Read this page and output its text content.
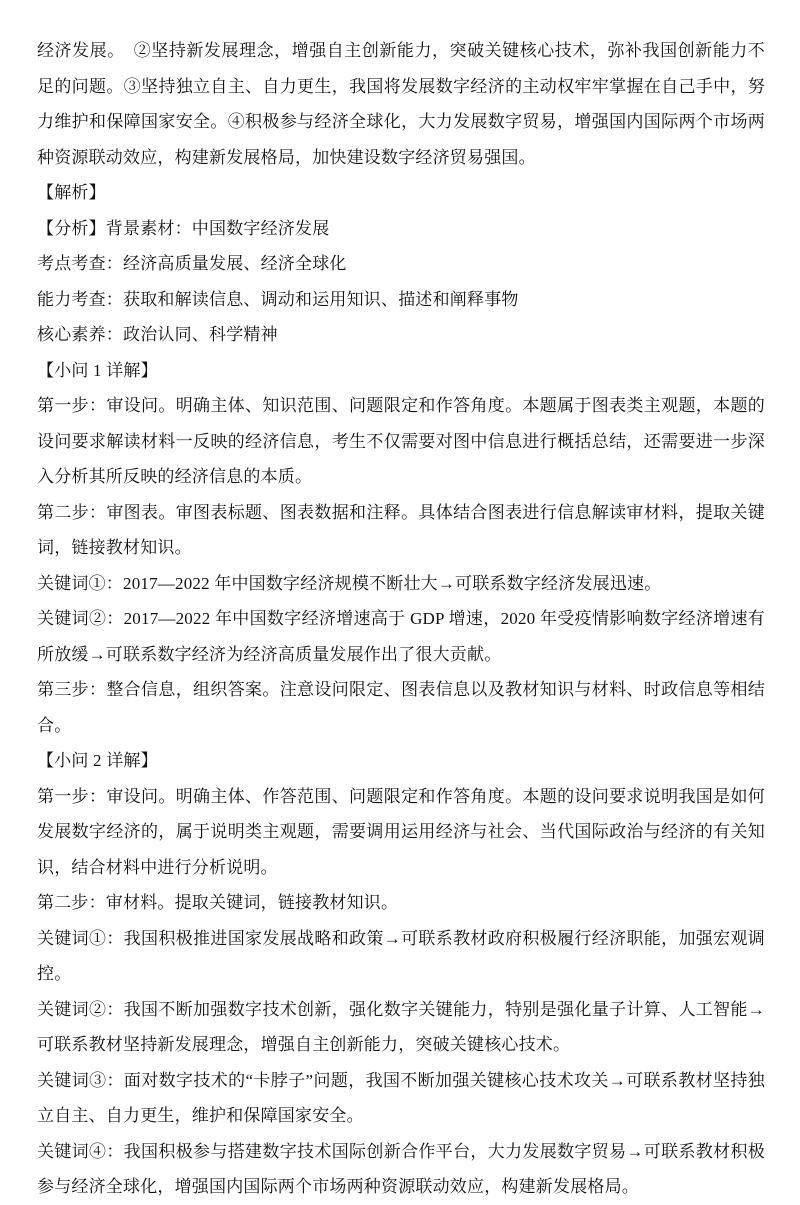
经济发展。　②坚持新发展理念，增强自主创新能力，突破关键核心技术，弥补我国创新能力不足的问题。③坚持独立自主、自力更生，我国将发展数字经济的主动权牢牢掌握在自己手中，努力维护和保障国家安全。④积极参与经济全球化，大力发展数字贸易，增强国内国际两个市场两种资源联动效应，构建新发展格局，加快建设数字经济贸易强国。

【解析】

【分析】背景素材：中国数字经济发展

考点考查：经济高质量发展、经济全球化

能力考查：获取和解读信息、调动和运用知识、描述和阐释事物

核心素养：政治认同、科学精神

【小问 1 详解】

第一步：审设问。明确主体、知识范围、问题限定和作答角度。本题属于图表类主观题，本题的设问要求解读材料一反映的经济信息，考生不仅需要对图中信息进行概括总结，还需要进一步深入分析其所反映的经济信息的本质。

第二步：审图表。审图表标题、图表数据和注释。具体结合图表进行信息解读审材料，提取关键词，链接教材知识。

关键词①：2017—2022 年中国数字经济规模不断壮大→可联系数字经济发展迅速。

关键词②：2017—2022 年中国数字经济增速高于 GDP 增速，2020 年受疫情影响数字经济增速有所放缓→可联系数字经济为经济高质量发展作出了很大贡献。

第三步：整合信息，组织答案。注意设问限定、图表信息以及教材知识与材料、时政信息等相结合。

【小问 2 详解】

第一步：审设问。明确主体、作答范围、问题限定和作答角度。本题的设问要求说明我国是如何发展数字经济的，属于说明类主观题，需要调用运用经济与社会、当代国际政治与经济的有关知识，结合材料中进行分析说明。

第二步：审材料。提取关键词，链接教材知识。

关键词①：我国积极推进国家发展战略和政策→可联系教材政府积极履行经济职能，加强宏观调控。

关键词②：我国不断加强数字技术创新，强化数字关键能力，特别是强化量子计算、人工智能→可联系教材坚持新发展理念，增强自主创新能力，突破关键核心技术。

关键词③：面对数字技术的“卡脖子”问题，我国不断加强关键核心技术攻关→可联系教材坚持独立自主、自力更生，维护和保障国家安全。

关键词④：我国积极参与搭建数字技术国际创新合作平台，大力发展数字贸易→可联系教材积极参与经济全球化，增强国内国际两个市场两种资源联动效应，构建新发展格局。
